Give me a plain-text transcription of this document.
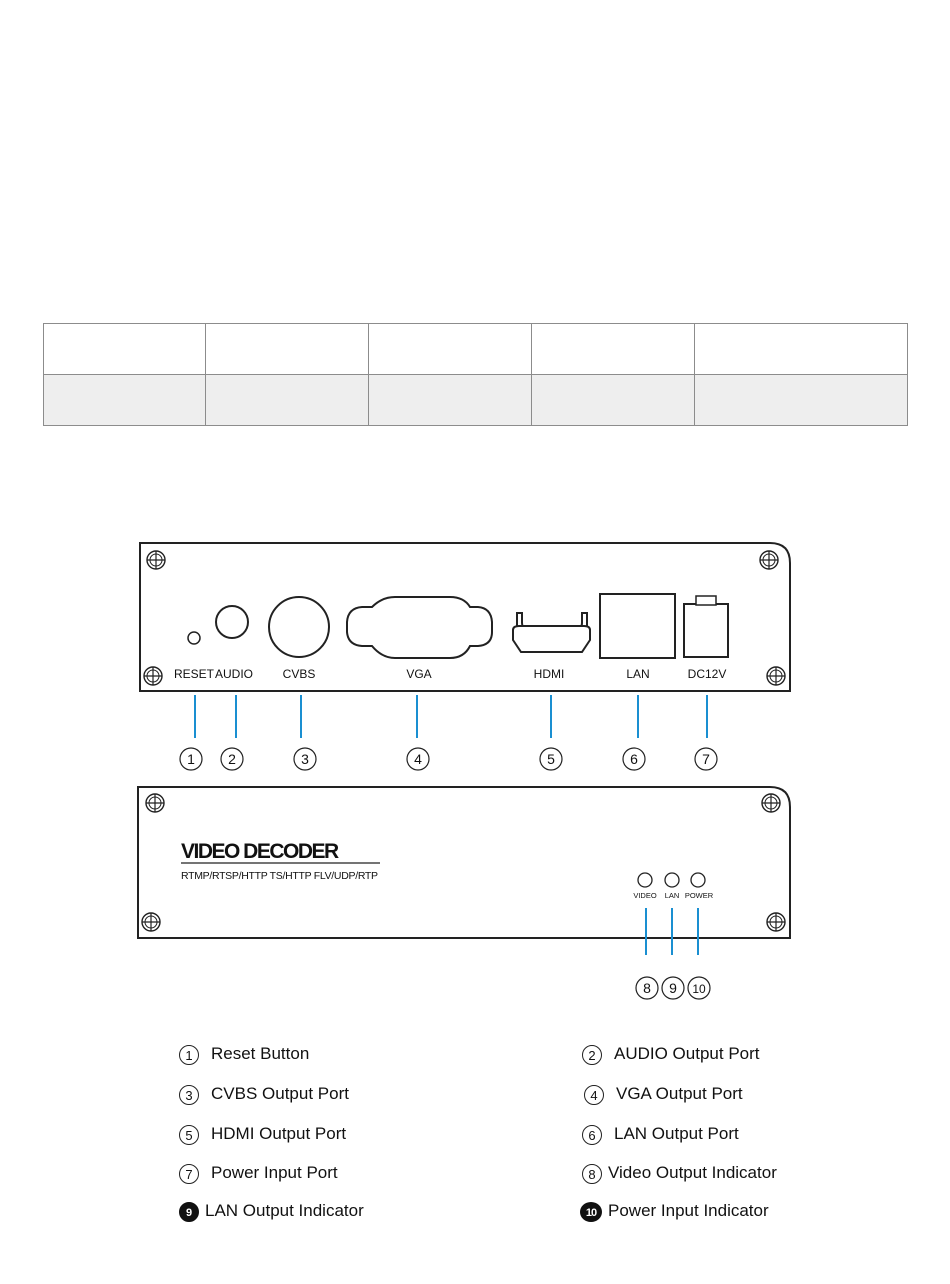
RESET AUDIO CVBS	VGA	HDMI	LAN	DC12V
1 2	3	4	5	6	7
VIDEO DECODER
RTMP/RTSP/HTTP TS/HTTP FLV/UDP/RTP
VIDEO LAN POWER
8 9 10
1 Reset Button	2 AUDIO Output Port
3 CVBS Output Port	4 VGA Output Port
5 HDMI Output Port	6 LAN Output Port
7 Power Input Port	8 Video Output Indicator
9 LAN Output Indicator	10 Power Input Indicator
